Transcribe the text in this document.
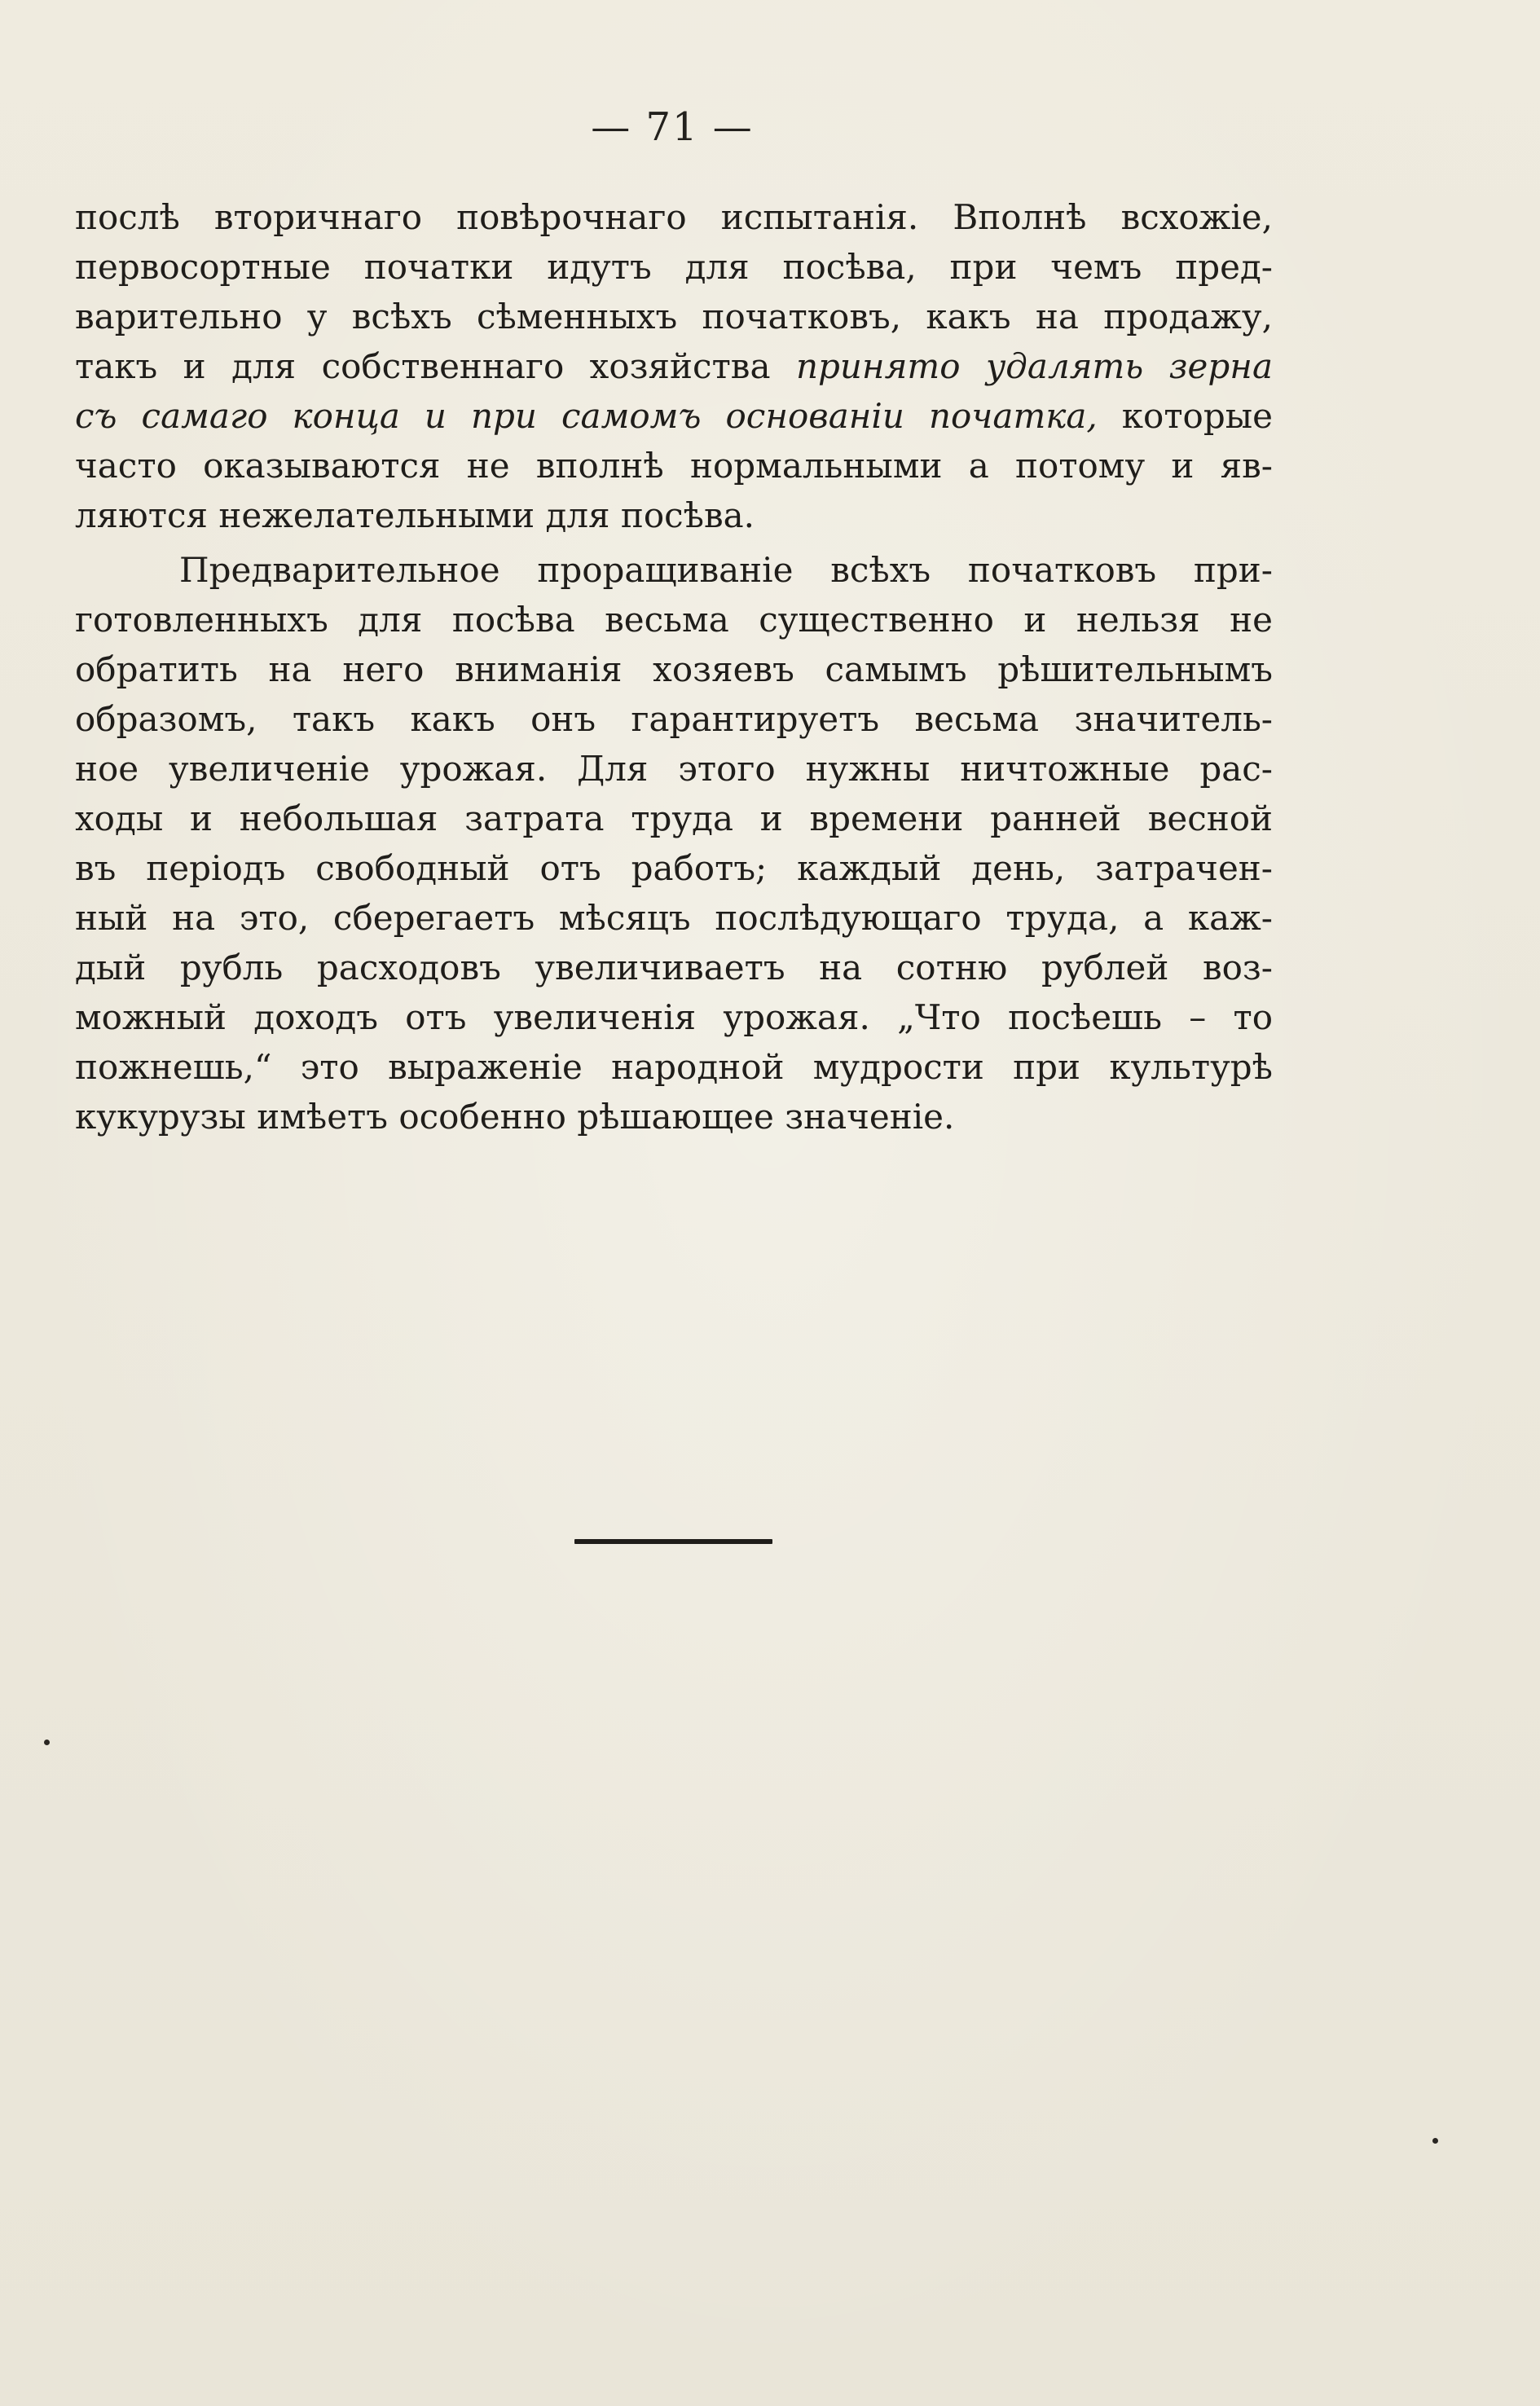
— 71 —
послѣ вторичнаго повѣрочнаго испытанія. Вполнѣ всхожіе,
первосортные початки идутъ для посѣва, при чемъ пред-
варительно у всѣхъ сѣменныхъ початковъ, какъ на продажу,
такъ и для собственнаго хозяйства принято удалять зерна
съ самаго конца и при самомъ основаніи початка, которые
часто оказываются не вполнѣ нормальными а потому и яв-
ляются нежелательными для посѣва.
Предварительное проращиваніе всѣхъ початковъ при-
готовленныхъ для посѣва весьма существенно и нельзя не
обратить на него вниманія хозяевъ самымъ рѣшительнымъ
образомъ, такъ какъ онъ гарантируетъ весьма значитель-
ное увеличеніе урожая. Для этого нужны ничтожные рас-
ходы и небольшая затрата труда и времени ранней весной
въ періодъ свободный отъ работъ; каждый день, затрачен-
ный на это, сберегаетъ мѣсяцъ послѣдующаго труда, а каж-
дый рубль расходовъ увеличиваетъ на сотню рублей воз-
можный доходъ отъ увеличенія урожая. „Что посѣешь – то
пожнешь,“ это выраженіе народной мудрости при культурѣ
кукурузы имѣетъ особенно рѣшающее значеніе.
